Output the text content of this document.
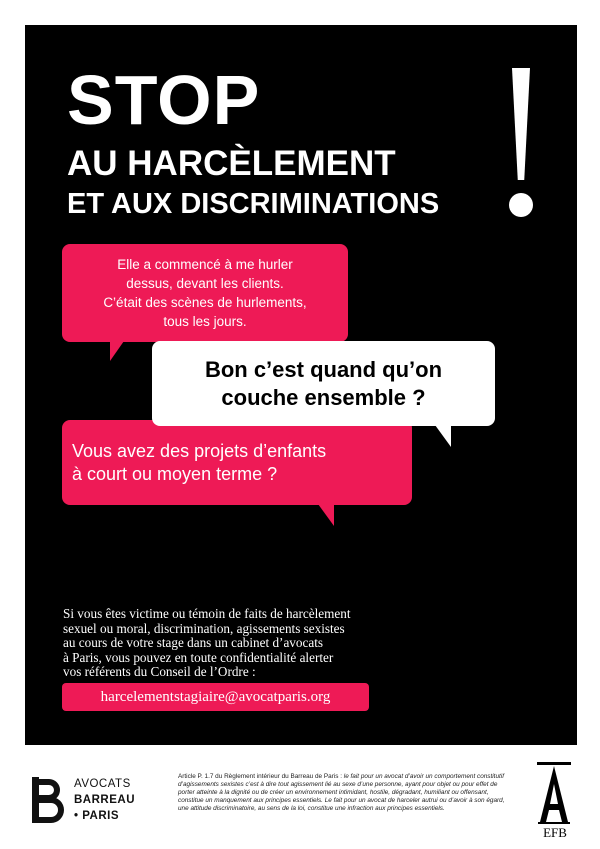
STOP
AU HARCÈLEMENT
ET AUX DISCRIMINATIONS
Elle a commencé à me hurler
dessus, devant les clients.
C’était des scènes de hurlements,
tous les jours.
Bon c’est quand qu’on
couche ensemble ?
Vous avez des projets d’enfants
à court ou moyen terme ?
Si vous êtes victime ou témoin de faits de harcèlement
sexuel ou moral, discrimination, agissements sexistes
au cours de votre stage dans un cabinet d’avocats
à Paris, vous pouvez en toute confidentialité alerter
vos référents du Conseil de l’Ordre :
harcelementstagiaire@avocatparis.org
AVOCATS
BARREAU
• PARIS
Article P. 1.7 du Règlement intérieur du Barreau de Paris : le fait pour un avocat d’avoir un comportement constitutif d’agissements sexistes c’est à dire tout agissement lié au sexe d’une personne, ayant pour objet ou pour effet de porter atteinte à la dignité ou de créer un environnement intimidant, hostile, dégradant, humiliant ou offensant, constitue un manquement aux principes essentiels. Le fait pour un avocat de harceler autrui ou d’avoir à son égard, une attitude discriminatoire, au sens de la loi, constitue une infraction aux principes essentiels.
EFB
